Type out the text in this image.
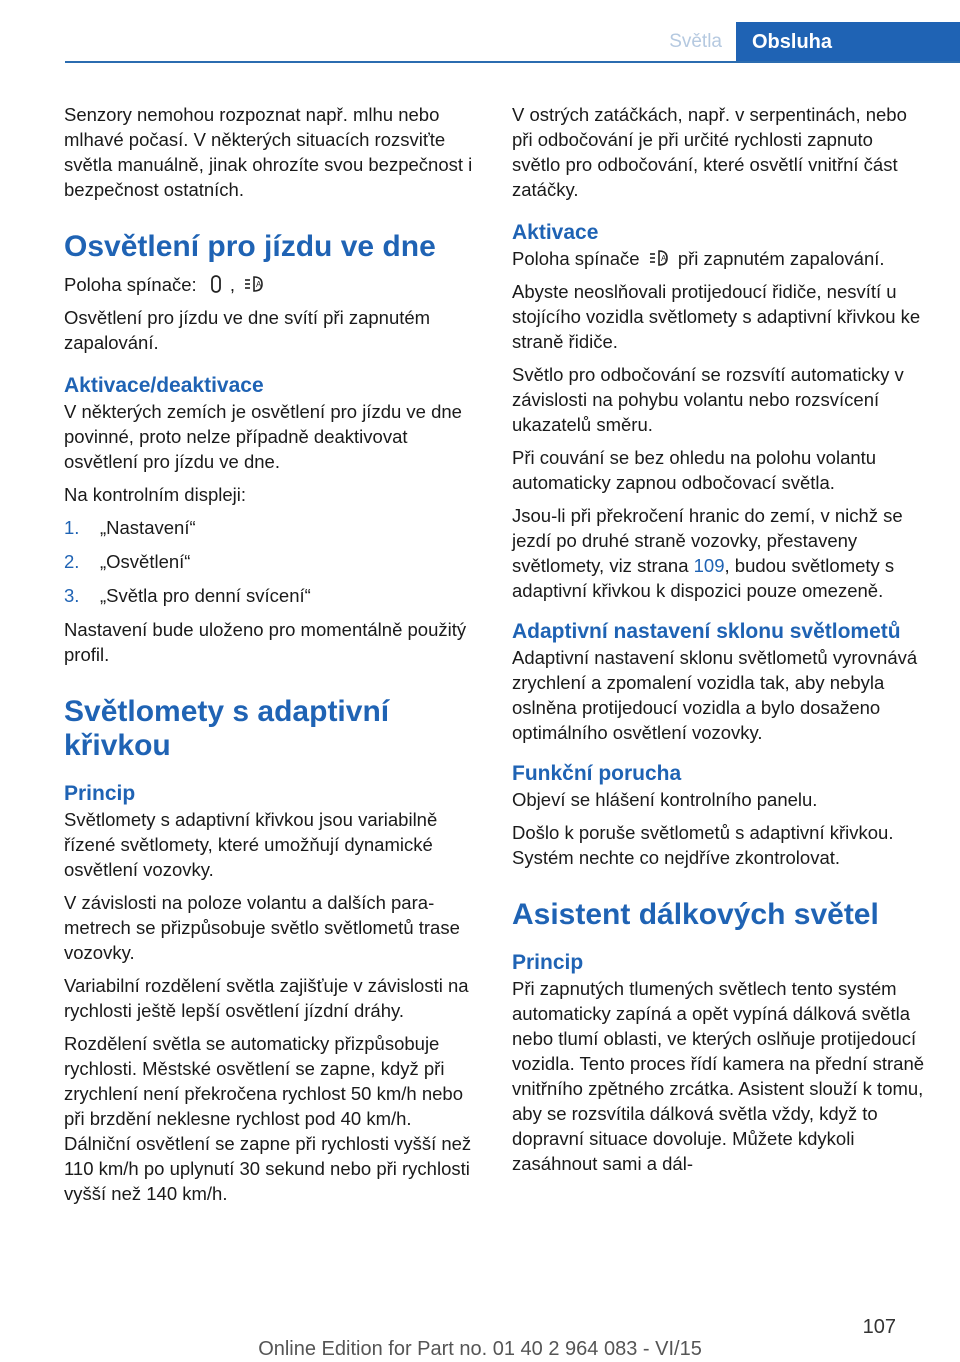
Světla	Obsluha

Senzory nemohou rozpoznat např. mlhu nebo mlhavé počasí. V některých situacích rozsviťte světla manuálně, jinak ohrozíte svou bezpečnost i bezpečnost ostatních.

Osvětlení pro jízdu ve dne

Poloha spínače: ,	A

Osvětlení pro jízdu ve dne svítí při zapnutém zapalování.

Aktivace/deaktivace

V některých zemích je osvětlení pro jízdu ve dne povinné, proto nelze případně deaktivovat osvětlení pro jízdu ve dne.

Na kontrolním displeji:

1.	„Nastavení“
2.	„Osvětlení“
3.	„Světla pro denní svícení“

Nastavení bude uloženo pro momentálně použitý profil.

Světlomety s adaptivní křivkou
Princip

Světlomety s adaptivní křivkou jsou variabilně řízené světlomety, které umožňují dynamické osvětlení vozovky.

V závislosti na poloze volantu a dalších parametrech se přizpůsobuje světlo světlometů trase vozovky.

Variabilní rozdělení světla zajišťuje v závislosti na rychlosti ještě lepší osvětlení jízdní dráhy.

Rozdělení světla se automaticky přizpůsobuje rychlosti. Městské osvětlení se zapne, když při zrychlení není překročena rychlost 50 km/h nebo při brzdění neklesne rychlost pod 40 km/h. Dálniční osvětlení se zapne při rychlosti vyšší než 110 km/h po uplynutí 30 sekund nebo při rychlosti vyšší než 140 km/h.

V ostrých zatáčkách, např. v serpentinách, nebo při odbočování je při určité rychlosti zapnuto světlo pro odbočování, které osvětlí vnitřní část zatáčky.

Aktivace

Poloha spínače	A při zapnutém zapalování.

Abyste neoslňovali protijedoucí řidiče, nesvítí u stojícího vozidla světlomety s adaptivní křivkou ke straně řidiče.

Světlo pro odbočování se rozsvítí automaticky v závislosti na pohybu volantu nebo rozsvícení ukazatelů směru.

Při couvání se bez ohledu na polohu volantu automaticky zapnou odbočovací světla.

Jsou-li při překročení hranic do zemí, v nichž se jezdí po druhé straně vozovky, přestaveny světlomety, viz strana 109, budou světlomety s adaptivní křivkou k dispozici pouze omezeně.

Adaptivní nastavení sklonu světlometů

Adaptivní nastavení sklonu světlometů vyrovnává zrychlení a zpomalení vozidla tak, aby nebyla oslněna protijedoucí vozidla a bylo dosaženo optimálního osvětlení vozovky.

Funkční porucha

Objeví se hlášení kontrolního panelu.

Došlo k poruše světlometů s adaptivní křivkou. Systém nechte co nejdříve zkontrolovat.

Asistent dálkových světel
Princip

Při zapnutých tlumených světlech tento systém automaticky zapíná a opět vypíná dálková světla nebo tlumí oblasti, ve kterých oslňuje protijedoucí vozidla. Tento proces řídí kamera na přední straně vnitřního zpětného zrcátka. Asistent slouží k tomu, aby se rozsvítila dálková světla vždy, když to dopravní situace dovoluje. Můžete kdykoli zasáhnout sami a dál-

107
Online Edition for Part no. 01 40 2 964 083 - VI/15
